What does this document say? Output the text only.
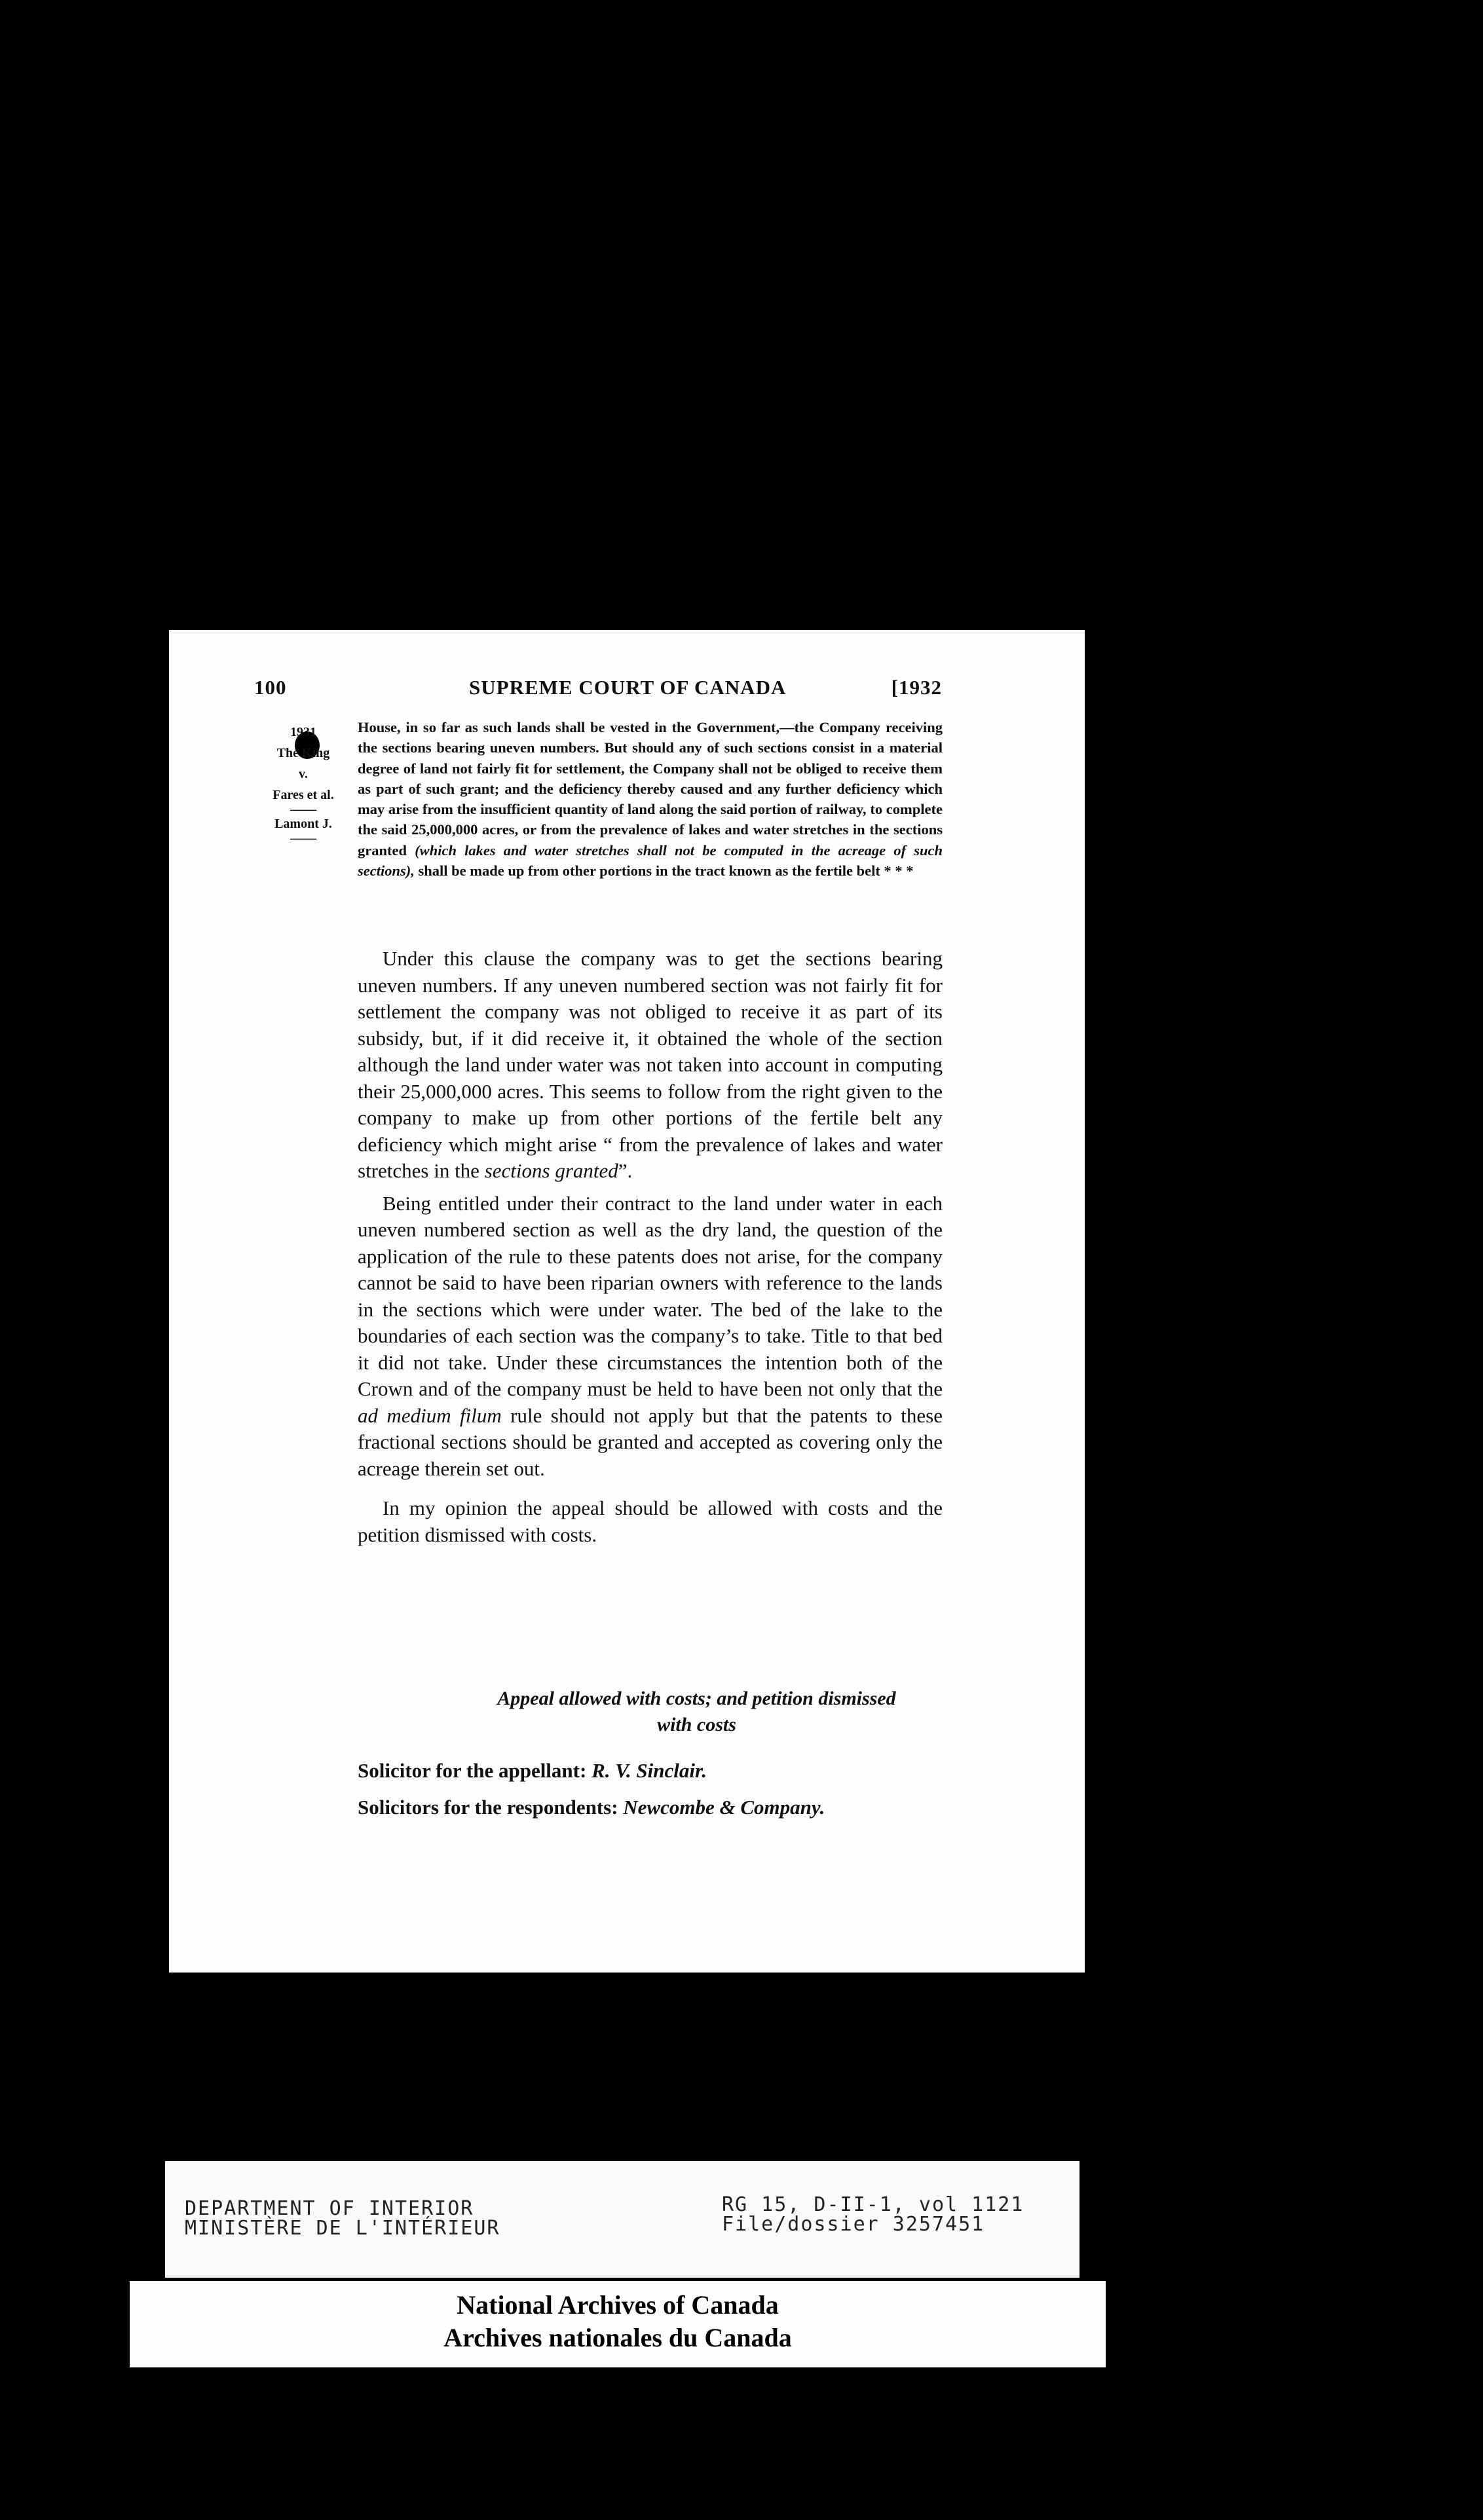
100	SUPREME COURT OF CANADA	[1932
1931
The King
v.
Fares et al.
——
Lamont J.
——

House, in so far as such lands shall be vested in the Government,—the Company receiving the sections bearing uneven numbers. But should any of such sections consist in a material degree of land not fairly fit for settlement, the Company shall not be obliged to receive them as part of such grant; and the deficiency thereby caused and any further deficiency which may arise from the insufficient quantity of land along the said portion of railway, to complete the said 25,000,000 acres, or from the prevalence of lakes and water stretches in the sections granted (which lakes and water stretches shall not be computed in the acreage of such sections), shall be made up from other portions in the tract known as the fertile belt * * *

Under this clause the company was to get the sections bearing uneven numbers. If any uneven numbered section was not fairly fit for settlement the company was not obliged to receive it as part of its subsidy, but, if it did receive it, it obtained the whole of the section although the land under water was not taken into account in computing their 25,000,000 acres. This seems to follow from the right given to the company to make up from other portions of the fertile belt any deficiency which might arise “ from the prevalence of lakes and water stretches in the sections granted”.

Being entitled under their contract to the land under water in each uneven numbered section as well as the dry land, the question of the application of the rule to these patents does not arise, for the company cannot be said to have been riparian owners with reference to the lands in the sections which were under water. The bed of the lake to the boundaries of each section was the company’s to take. Title to that bed it did not take. Under these circumstances the intention both of the Crown and of the company must be held to have been not only that the ad medium filum rule should not apply but that the patents to these fractional sections should be granted and accepted as covering only the acreage therein set out.

In my opinion the appeal should be allowed with costs and the petition dismissed with costs.

Appeal allowed with costs; and petition dismissed
with costs
Solicitor for the appellant: R. V. Sinclair.
Solicitors for the respondents: Newcombe & Company.
DEPARTMENT OF INTERIOR
MINISTÈRE DE L'INTÉRIEUR
RG 15, D-II-1, vol 1121
File/dossier 3257451
National Archives of Canada
Archives nationales du Canada
